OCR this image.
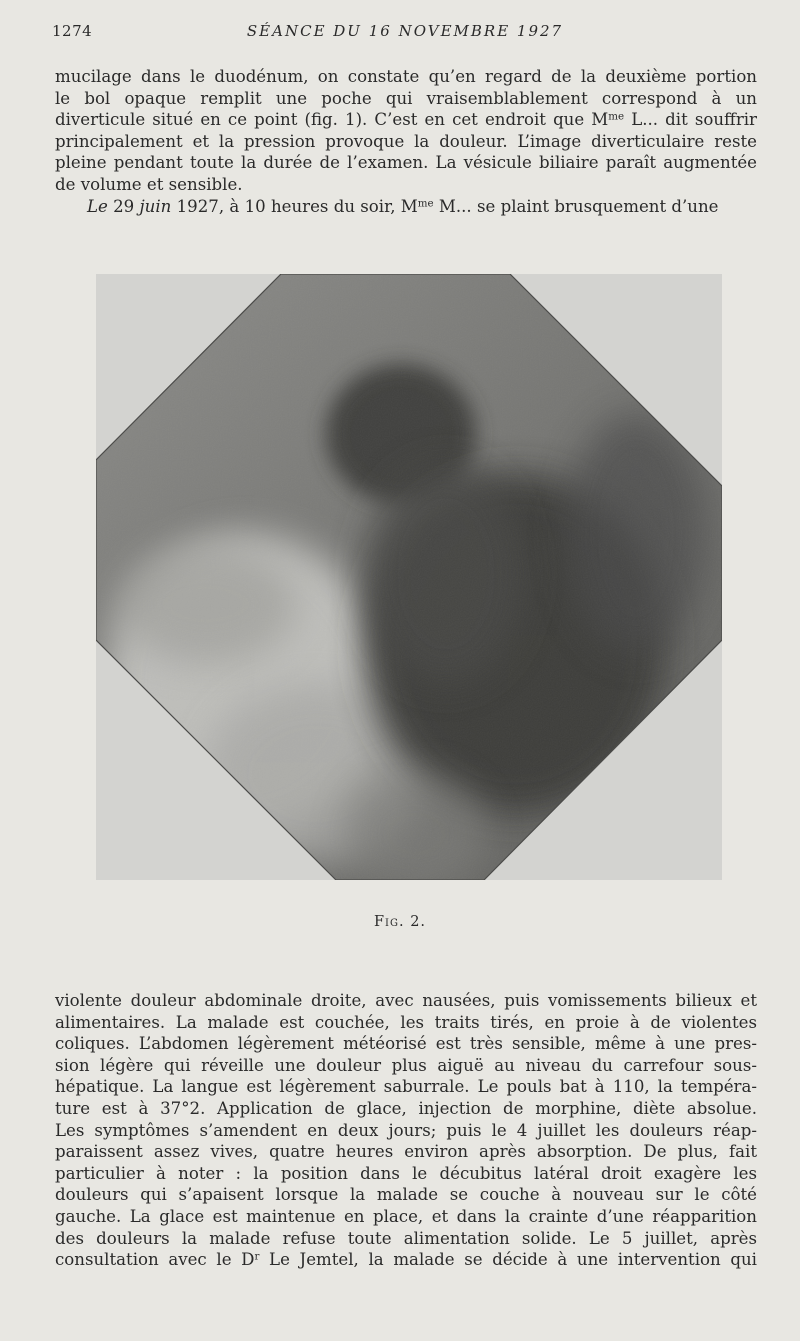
1274	SÉANCE DU 16 NOVEMBRE 1927

mucilage dans le duodénum, on constate qu’en regard de la deuxième portion
le bol opaque remplit une poche qui vraisemblablement correspond à un
diverticule situé en ce point (fig. 1). C’est en cet endroit que $M^{me}$ L... dit souffrir
principalement et la pression provoque la douleur. L’image diverticulaire reste
pleine pendant toute la durée de l’examen. La vésicule biliaire paraît augmentée
de volume et sensible.

Le 29 juin 1927, à 10 heures du soir, $M^{me}$ M... se plaint brusquement d’une

Fig. 2.

violente douleur abdominale droite, avec nausées, puis vomissements bilieux et
alimentaires. La malade est couchée, les traits tirés, en proie à de violentes
coliques. L’abdomen légèrement météorisé est très sensible, même à une pres-
sion légère qui réveille une douleur plus aiguë au niveau du carrefour sous-
hépatique. La langue est légèrement saburrale. Le pouls bat à 110, la tempéra-
ture est à 37°2. Application de glace, injection de morphine, diète absolue.
Les symptômes s’amendent en deux jours; puis le 4 juillet les douleurs réap-
paraissent assez vives, quatre heures environ après absorption. De plus, fait
particulier à noter : la position dans le décubitus latéral droit exagère les
douleurs qui s’apaisent lorsque la malade se couche à nouveau sur le côté
gauche. La glace est maintenue en place, et dans la crainte d’une réapparition
des douleurs la malade refuse toute alimentation solide. Le 5 juillet, après
consultation avec le $D^r$ Le Jemtel, la malade se décide à une intervention qui
